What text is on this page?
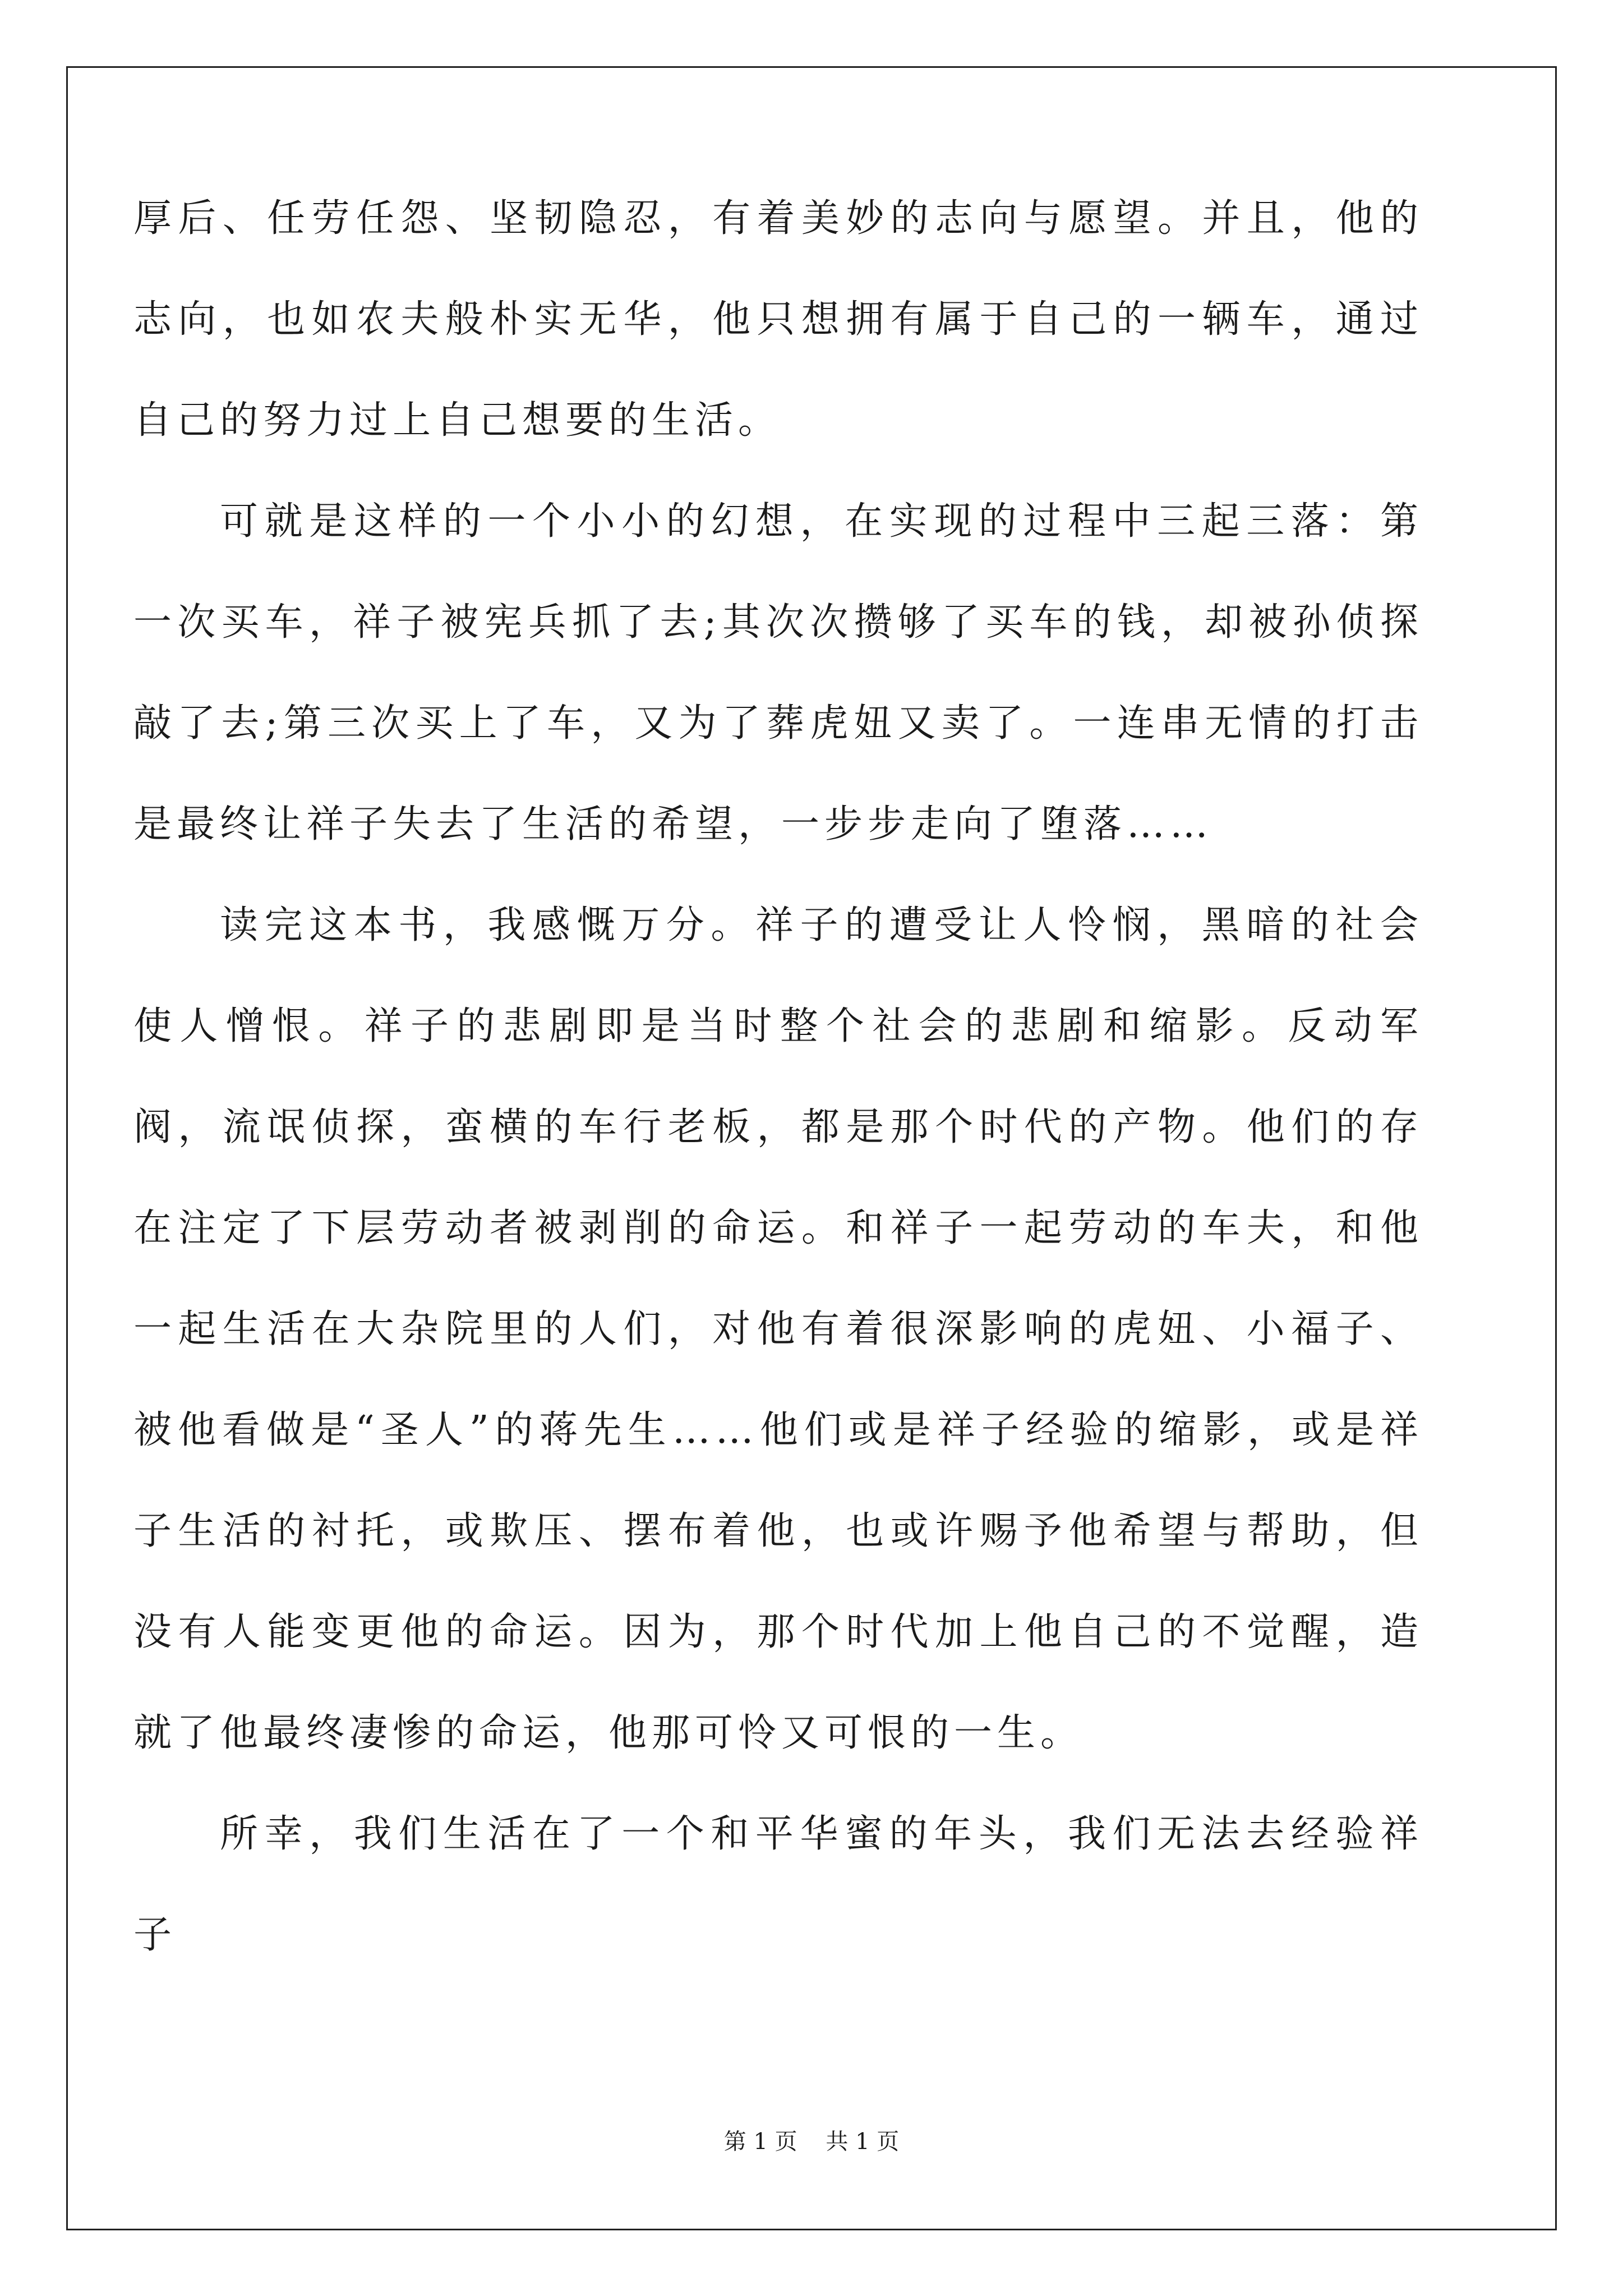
厚后、任劳任怨、坚韧隐忍，有着美妙的志向与愿望。并且，他的志向，也如农夫般朴实无华，他只想拥有属于自己的一辆车，通过自己的努力过上自己想要的生活。

可就是这样的一个小小的幻想，在实现的过程中三起三落：第一次买车，祥子被宪兵抓了去;其次次攒够了买车的钱，却被孙侦探敲了去;第三次买上了车，又为了葬虎妞又卖了。一连串无情的打击是最终让祥子失去了生活的希望，一步步走向了堕落……

读完这本书，我感慨万分。祥子的遭受让人怜悯，黑暗的社会使人憎恨。祥子的悲剧即是当时整个社会的悲剧和缩影。反动军阀，流氓侦探，蛮横的车行老板，都是那个时代的产物。他们的存在注定了下层劳动者被剥削的命运。和祥子一起劳动的车夫，和他一起生活在大杂院里的人们，对他有着很深影响的虎妞、小福子、被他看做是“圣人”的蒋先生……他们或是祥子经验的缩影，或是祥子生活的衬托，或欺压、摆布着他，也或许赐予他希望与帮助，但没有人能变更他的命运。因为，那个时代加上他自己的不觉醒，造就了他最终凄惨的命运，他那可怜又可恨的一生。

所幸，我们生活在了一个和平华蜜的年头，我们无法去经验祥子

第 1 页 共 1 页
